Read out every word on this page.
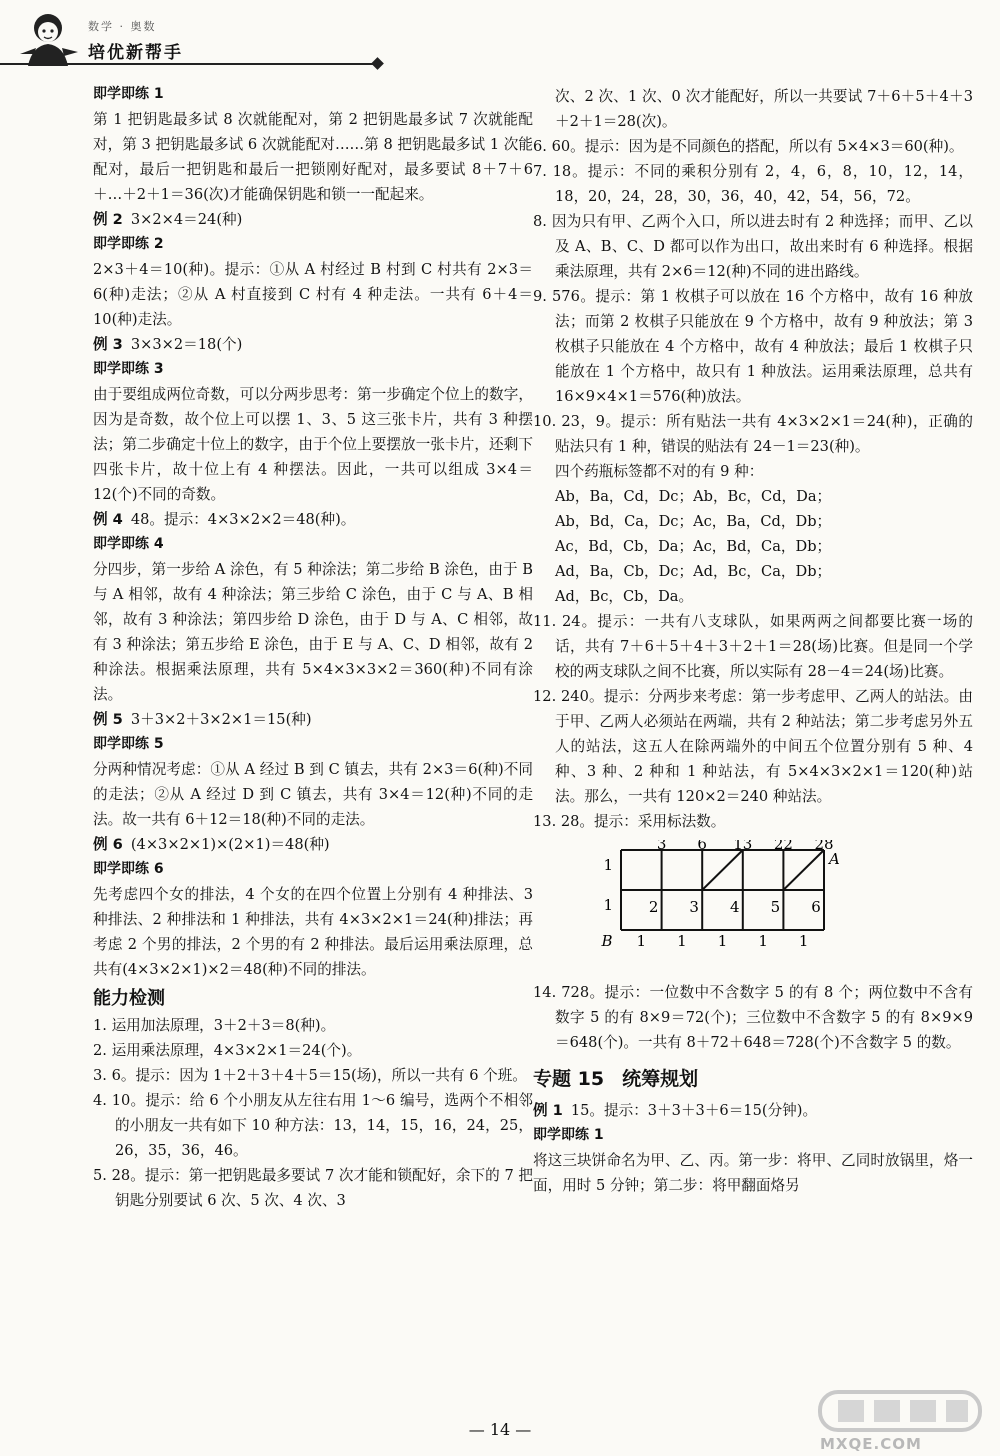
数学 · 奥数
培优新帮手

即学即练 1

第 1 把钥匙最多试 8 次就能配对，第 2 把钥匙最多试 7 次就能配对，第 3 把钥匙最多试 6 次就能配对……第 8 把钥匙最多试 1 次能配对，最后一把钥匙和最后一把锁刚好配对，最多要试 8＋7＋6＋…＋2＋1＝36(次)才能确保钥匙和锁一一配起来。

例 2 3×2×4＝24(种)

即学即练 2

2×3＋4＝10(种)。提示：①从 A 村经过 B 村到 C 村共有 2×3＝6(种)走法；②从 A 村直接到 C 村有 4 种走法。一共有 6＋4＝10(种)走法。

例 3 3×3×2＝18(个)

即学即练 3

由于要组成两位奇数，可以分两步思考：第一步确定个位上的数字，因为是奇数，故个位上可以摆 1、3、5 这三张卡片，共有 3 种摆法；第二步确定十位上的数字，由于个位上要摆放一张卡片，还剩下四张卡片，故十位上有 4 种摆法。因此，一共可以组成 3×4＝12(个)不同的奇数。

例 4 48。提示：4×3×2×2＝48(种)。

即学即练 4

分四步，第一步给 A 涂色，有 5 种涂法；第二步给 B 涂色，由于 B 与 A 相邻，故有 4 种涂法；第三步给 C 涂色，由于 C 与 A、B 相邻，故有 3 种涂法；第四步给 D 涂色，由于 D 与 A、C 相邻，故有 3 种涂法；第五步给 E 涂色，由于 E 与 A、C、D 相邻，故有 2 种涂法。根据乘法原理，共有 5×4×3×3×2＝360(种)不同有涂法。

例 5 3＋3×2＋3×2×1＝15(种)

即学即练 5

分两种情况考虑：①从 A 经过 B 到 C 镇去，共有 2×3＝6(种)不同的走法；②从 A 经过 D 到 C 镇去，共有 3×4＝12(种)不同的走法。故一共有 6＋12＝18(种)不同的走法。

例 6 (4×3×2×1)×(2×1)＝48(种)

即学即练 6

先考虑四个女的排法，4 个女的在四个位置上分别有 4 种排法、3 种排法、2 种排法和 1 种排法，共有 4×3×2×1＝24(种)排法；再考虑 2 个男的排法，2 个男的有 2 种排法。最后运用乘法原理，总共有(4×3×2×1)×2＝48(种)不同的排法。

能力检测

1. 运用加法原理，3＋2＋3＝8(种)。

2. 运用乘法原理，4×3×2×1＝24(个)。

3. 6。提示：因为 1＋2＋3＋4＋5＝15(场)，所以一共有 6 个班。

4. 10。提示：给 6 个小朋友从左往右用 1～6 编号，选两个不相邻的小朋友一共有如下 10 种方法：13，14，15，16，24，25，26，35，36，46。

5. 28。提示：第一把钥匙最多要试 7 次才能和锁配好，余下的 7 把钥匙分别要试 6 次、5 次、4 次、3

次、2 次、1 次、0 次才能配好，所以一共要试 7＋6＋5＋4＋3＋2＋1＝28(次)。

6. 60。提示：因为是不同颜色的搭配，所以有 5×4×3＝60(种)。

7. 18。提示：不同的乘积分别有 2，4，6，8，10，12，14，18，20，24，28，30，36，40，42，54，56，72。

8. 因为只有甲、乙两个入口，所以进去时有 2 种选择；而甲、乙以及 A、B、C、D 都可以作为出口，故出来时有 6 种选择。根据乘法原理，共有 2×6＝12(种)不同的进出路线。

9. 576。提示：第 1 枚棋子可以放在 16 个方格中，故有 16 种放法；而第 2 枚棋子只能放在 9 个方格中，故有 9 种放法；第 3 枚棋子只能放在 4 个方格中，故有 4 种放法；最后 1 枚棋子只能放在 1 个方格中，故只有 1 种放法。运用乘法原理，总共有 16×9×4×1＝576(种)放法。

10. 23，9。提示：所有贴法一共有 4×3×2×1＝24(种)，正确的贴法只有 1 种，错误的贴法有 24－1＝23(种)。

四个药瓶标签都不对的有 9 种：

Ab，Ba，Cd，Dc；Ab，Bc，Cd，Da；

Ab，Bd，Ca，Dc；Ac，Ba，Cd，Db；

Ac，Bd，Cb，Da；Ac，Bd，Ca，Db；

Ad，Ba，Cb，Dc；Ad，Bc，Ca，Db；

Ad，Bc，Cb，Da。

11. 24。提示：一共有八支球队，如果两两之间都要比赛一场的话，共有 7＋6＋5＋4＋3＋2＋1＝28(场)比赛。但是同一个学校的两支球队之间不比赛，所以实际有 28－4＝24(场)比赛。

12. 240。提示：分两步来考虑：第一步考虑甲、乙两人的站法。由于甲、乙两人必须站在两端，共有 2 种站法；第二步考虑另外五人的站法，这五人在除两端外的中间五个位置分别有 5 种、4 种、3 种、2 种和 1 种站法，有 5×4×3×2×1＝120(种)站法。那么，一共有 120×2＝240 种站法。

13. 28。提示：采用标法数。

3 6 13 22 28
2 3 4 5 6
1 1 1 1 1
1
1
A
B

14. 728。提示：一位数中不含数字 5 的有 8 个；两位数中不含有数字 5 的有 8×9＝72(个)；三位数中不含数字 5 的有 8×9×9＝648(个)。一共有 8＋72＋648＝728(个)不含数字 5 的数。

专题 15 统筹规划

例 1 15。提示：3＋3＋3＋6＝15(分钟)。

即学即练 1

将这三块饼命名为甲、乙、丙。第一步：将甲、乙同时放锅里，烙一面，用时 5 分钟；第二步：将甲翻面烙另

— 14 —
MXQE.COM
